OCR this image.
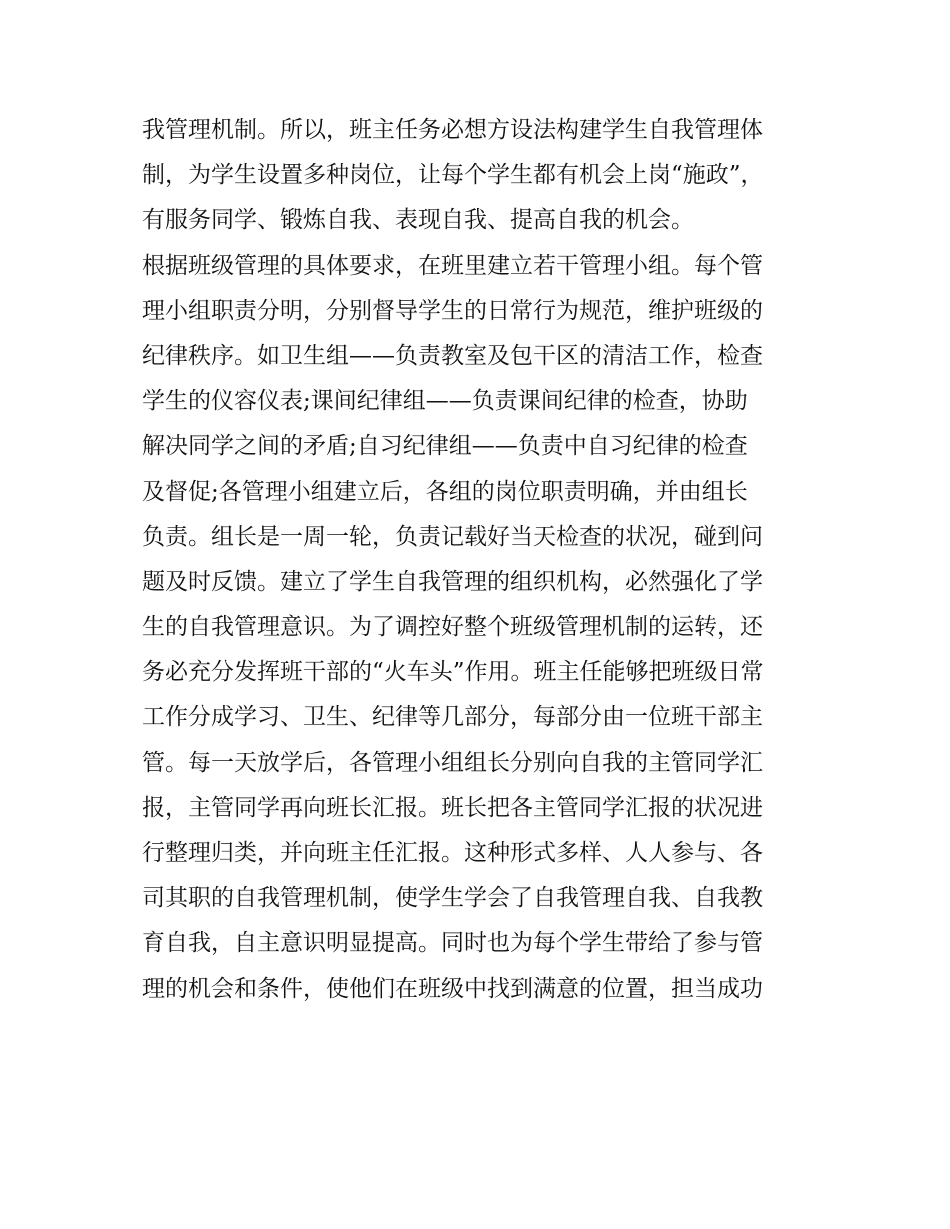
我管理机制。所以，班主任务必想方设法构建学生自我管理体
制，为学生设置多种岗位，让每个学生都有机会上岗“施政”，
有服务同学、锻炼自我、表现自我、提高自我的机会。
根据班级管理的具体要求，在班里建立若干管理小组。每个管
理小组职责分明，分别督导学生的日常行为规范，维护班级的
纪律秩序。如卫生组——负责教室及包干区的清洁工作，检查
学生的仪容仪表;课间纪律组——负责课间纪律的检查，协助
解决同学之间的矛盾;自习纪律组——负责中自习纪律的检查
及督促;各管理小组建立后，各组的岗位职责明确，并由组长
负责。组长是一周一轮，负责记载好当天检查的状况，碰到问
题及时反馈。建立了学生自我管理的组织机构，必然强化了学
生的自我管理意识。为了调控好整个班级管理机制的运转，还
务必充分发挥班干部的“火车头”作用。班主任能够把班级日常
工作分成学习、卫生、纪律等几部分，每部分由一位班干部主
管。每一天放学后，各管理小组组长分别向自我的主管同学汇
报，主管同学再向班长汇报。班长把各主管同学汇报的状况进
行整理归类，并向班主任汇报。这种形式多样、人人参与、各
司其职的自我管理机制，使学生学会了自我管理自我、自我教
育自我，自主意识明显提高。同时也为每个学生带给了参与管
理的机会和条件，使他们在班级中找到满意的位置，担当成功
